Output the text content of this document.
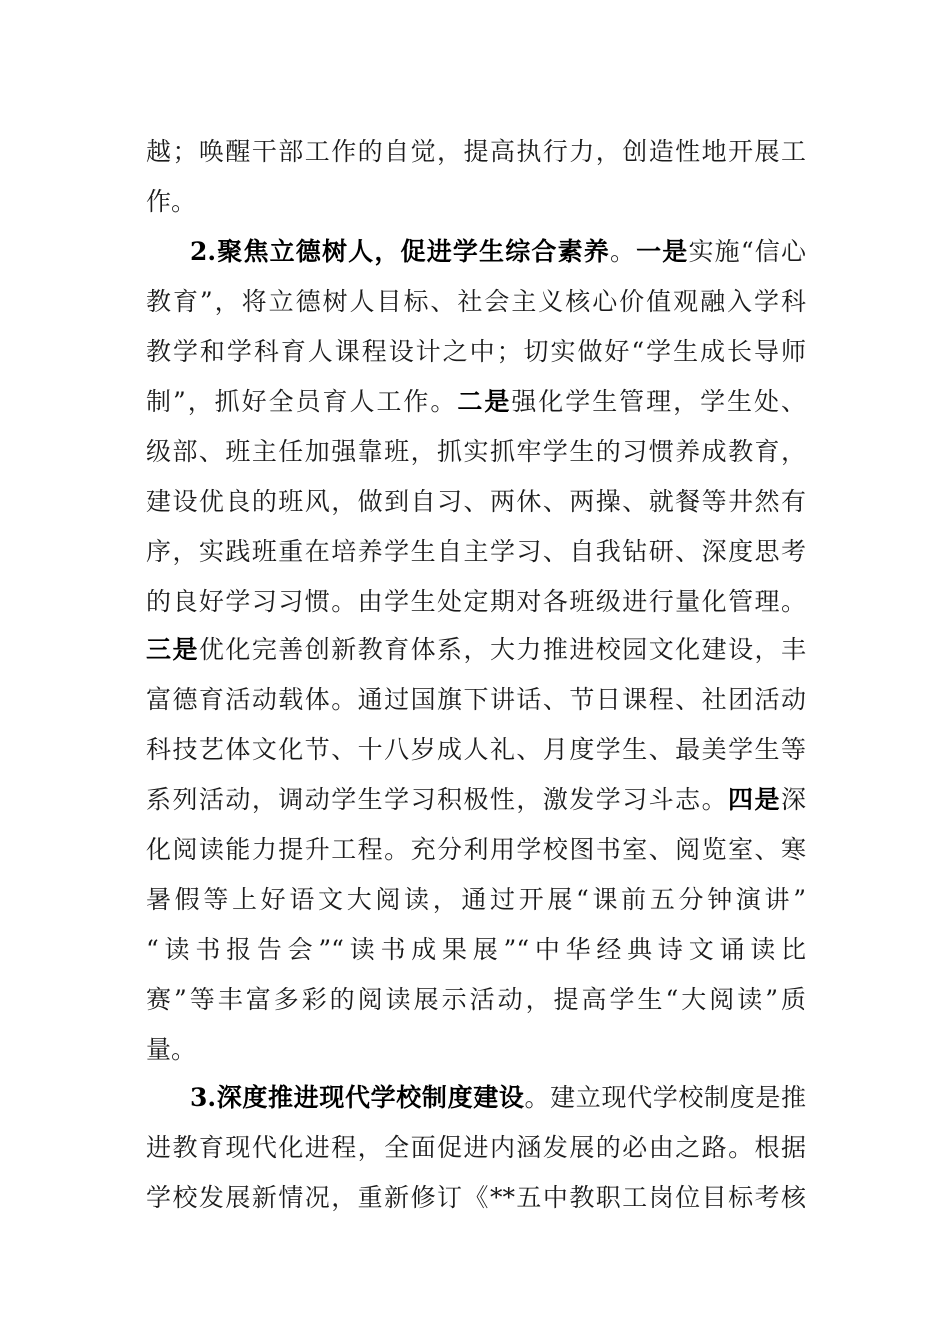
越；唤醒干部工作的自觉，提高执行力，创造性地开展工
作。
2.聚焦立德树人，促进学生综合素养。一是实施“信心
教育”，将立德树人目标、社会主义核心价值观融入学科
教学和学科育人课程设计之中；切实做好“学生成长导师
制”，抓好全员育人工作。二是强化学生管理，学生处、
级部、班主任加强靠班，抓实抓牢学生的习惯养成教育，
建设优良的班风，做到自习、两休、两操、就餐等井然有
序，实践班重在培养学生自主学习、自我钻研、深度思考
的良好学习习惯。由学生处定期对各班级进行量化管理。
三是优化完善创新教育体系，大力推进校园文化建设，丰
富德育活动载体。通过国旗下讲话、节日课程、社团活动
科技艺体文化节、十八岁成人礼、月度学生、最美学生等
系列活动，调动学生学习积极性，激发学习斗志。四是深
化阅读能力提升工程。充分利用学校图书室、阅览室、寒
暑假等上好语文大阅读，通过开展“课前五分钟演讲”
“读书报告会”“读书成果展”“中华经典诗文诵读比
赛”等丰富多彩的阅读展示活动，提高学生“大阅读”质
量。
3.深度推进现代学校制度建设。建立现代学校制度是推
进教育现代化进程，全面促进内涵发展的必由之路。根据
学校发展新情况，重新修订《**五中教职工岗位目标考核
